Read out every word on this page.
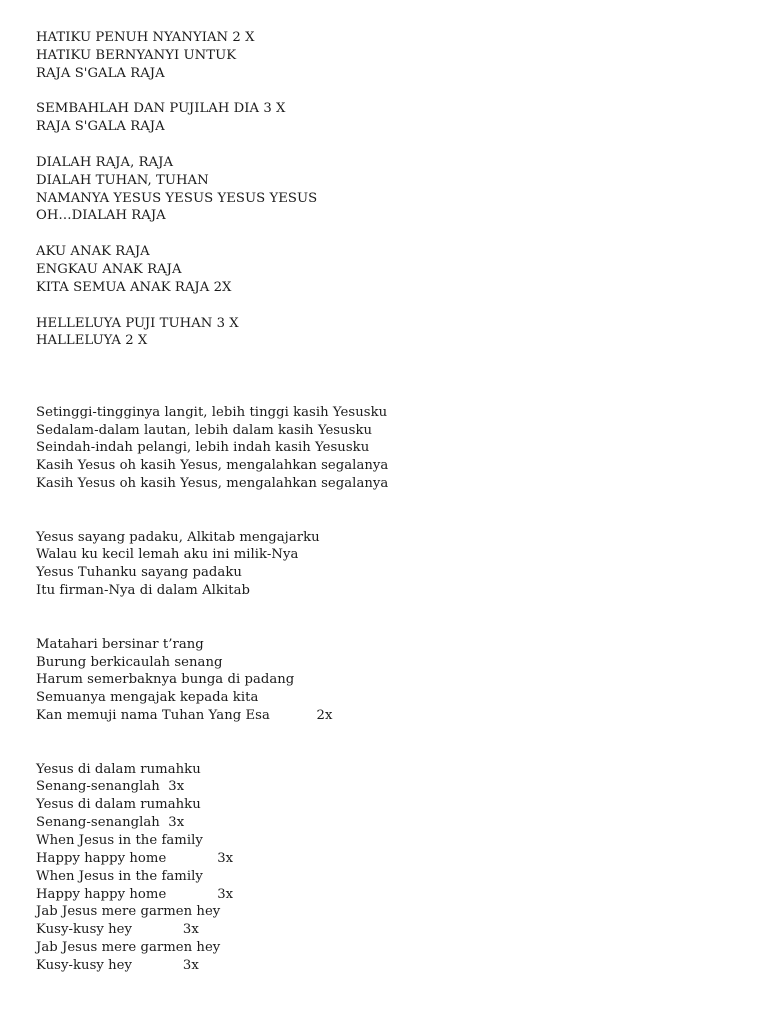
HATIKU PENUH NYANYIAN 2 X
HATIKU BERNYANYI UNTUK
RAJA S'GALA RAJA
SEMBAHLAH DAN PUJILAH DIA 3 X
RAJA S'GALA RAJA
DIALAH RAJA, RAJA
DIALAH TUHAN, TUHAN
NAMANYA YESUS YESUS YESUS YESUS
OH…DIALAH RAJA
AKU ANAK RAJA
ENGKAU ANAK RAJA
KITA SEMUA ANAK RAJA 2X
HELLELUYA PUJI TUHAN 3 X
HALLELUYA 2 X
Setinggi-tingginya langit, lebih tinggi kasih Yesusku
Sedalam-dalam lautan, lebih dalam kasih Yesusku
Seindah-indah pelangi, lebih indah kasih Yesusku
Kasih Yesus oh kasih Yesus, mengalahkan segalanya
Kasih Yesus oh kasih Yesus, mengalahkan segalanya
Yesus sayang padaku, Alkitab mengajarku
Walau ku kecil lemah aku ini milik-Nya
Yesus Tuhanku sayang padaku
Itu firman-Nya di dalam Alkitab
Matahari bersinar t’rang
Burung berkicaulah senang
Harum semerbaknya bunga di padang
Semuanya mengajak kepada kita
Kan memuji nama Tuhan Yang Esa           2x
Yesus di dalam rumahku
Senang-senanglah  3x
Yesus di dalam rumahku
Senang-senanglah  3x
When Jesus in the family
Happy happy home            3x
When Jesus in the family
Happy happy home            3x
Jab Jesus mere garmen hey
Kusy-kusy hey            3x
Jab Jesus mere garmen hey
Kusy-kusy hey            3x
